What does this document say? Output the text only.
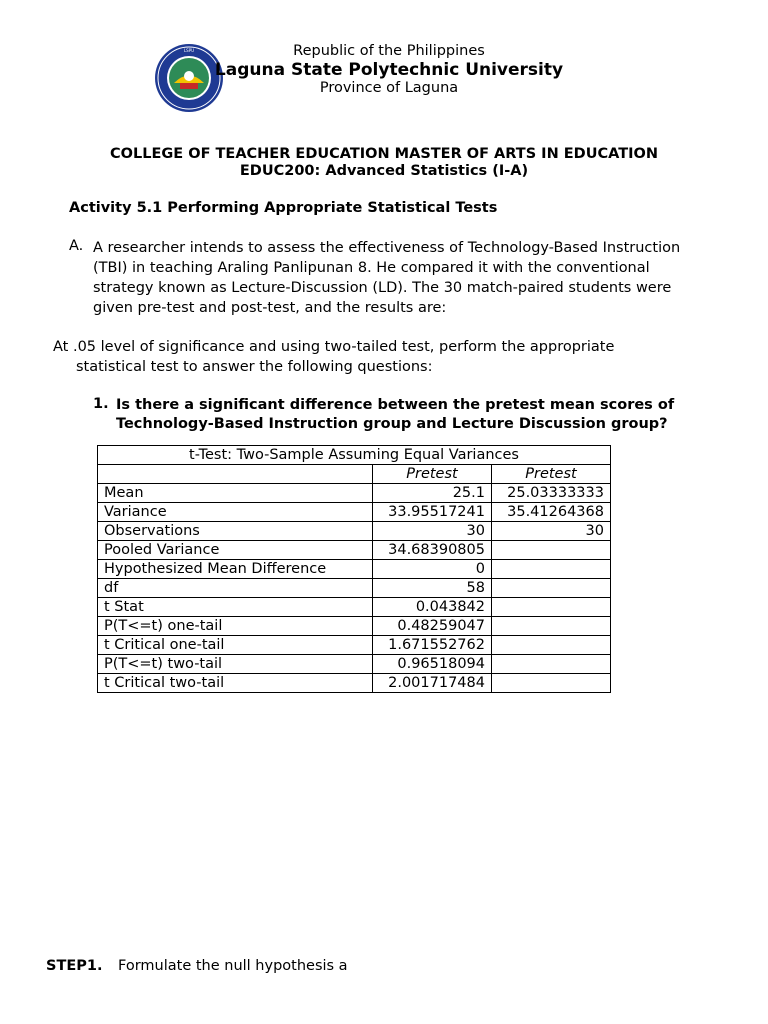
LSPU	Republic of the Philippines
Laguna State Polytechnic University
Province of Laguna
COLLEGE OF TEACHER EDUCATION MASTER OF ARTS IN EDUCATION
EDUC200: Advanced Statistics (I-A)
Activity 5.1 Performing Appropriate Statistical Tests
A. A researcher intends to assess the effectiveness of Technology-Based Instruction (TBI) in teaching Araling Panlipunan 8. He compared it with the conventional strategy known as Lecture-Discussion (LD). The 30 match-paired students were given pre-test and post-test, and the results are:
At .05 level of significance and using two-tailed test, perform the appropriate
statistical test to answer the following questions:
1. Is there a significant difference between the pretest mean scores of Technology-Based Instruction group and Lecture Discussion group?
t-Test: Two-Sample Assuming Equal Variances		
	Pretest	Pretest
Mean	25.1	25.03333333
Variance	33.95517241	35.41264368
Observations	30	30
Pooled Variance	34.68390805	
Hypothesized Mean Difference	0	
df	58	
t Stat	0.043842	
P(T<=t) one-tail	0.48259047	
t Critical one-tail	1.671552762	
P(T<=t) two-tail	0.96518094	
t Critical two-tail	2.001717484	
STEP1. Formulate the null hypothesis a
